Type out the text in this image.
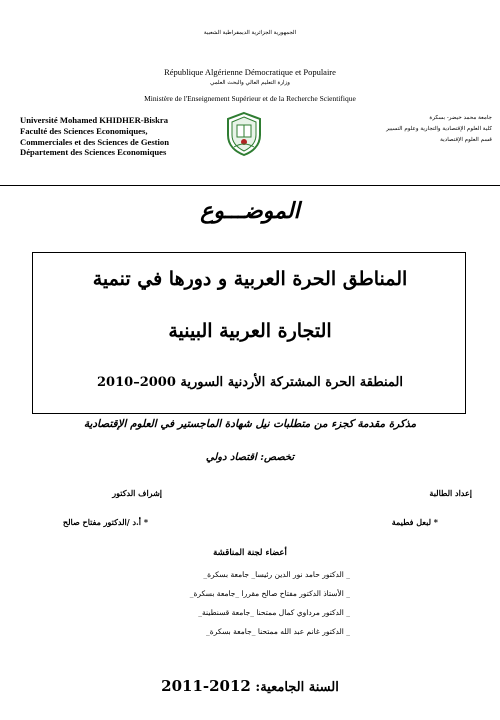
الجمهورية الجزائرية الديمقراطية الشعبية
République Algérienne Démocratique et Populaire
وزارة التعليم العالي والبحث العلمي
Ministère de l'Enseignement Supérieur et de la Recherche Scientifique
Université Mohamed KHIDHER-Biskra
Faculté des Sciences Economiques,
Commerciales et des Sciences de Gestion
Département des Sciences Economiques
جامعة محمد خيضر- بسكرة
كلية العلوم الإقتصادية والتجارية وعلوم التسيير
قسم العلوم الإقتصادية
الموضـــوع
المناطق الحرة العربية و دورها في تنمية
التجارة العربية البينية
المنطقة الحرة المشتركة الأردنية السورية 2000–2010
مذكرة مقدمة كجزء من متطلبات نيل شهادة الماجستير في العلوم الإقتصادية
تخصص: اقتصاد دولي
إعداد الطالبة
إشراف الدكتور
* لبعل فطيمة
* أ.د /الدكتور مفتاح صالح
أعضاء لجنة المناقشة
_ الدكتور حامد نور الدين رئيسا_ جامعة بسكرة_
_ الأستاذ الدكتور مفتاح صالح مقررا _جامعة بسكرة_
_ الدكتور مرداوي كمال ممتحنا _جامعة قسنطينة_
_ الدكتور غانم عبد الله ممتحنا _جامعة بسكرة_
السنة الجامعية: 2011-2012
